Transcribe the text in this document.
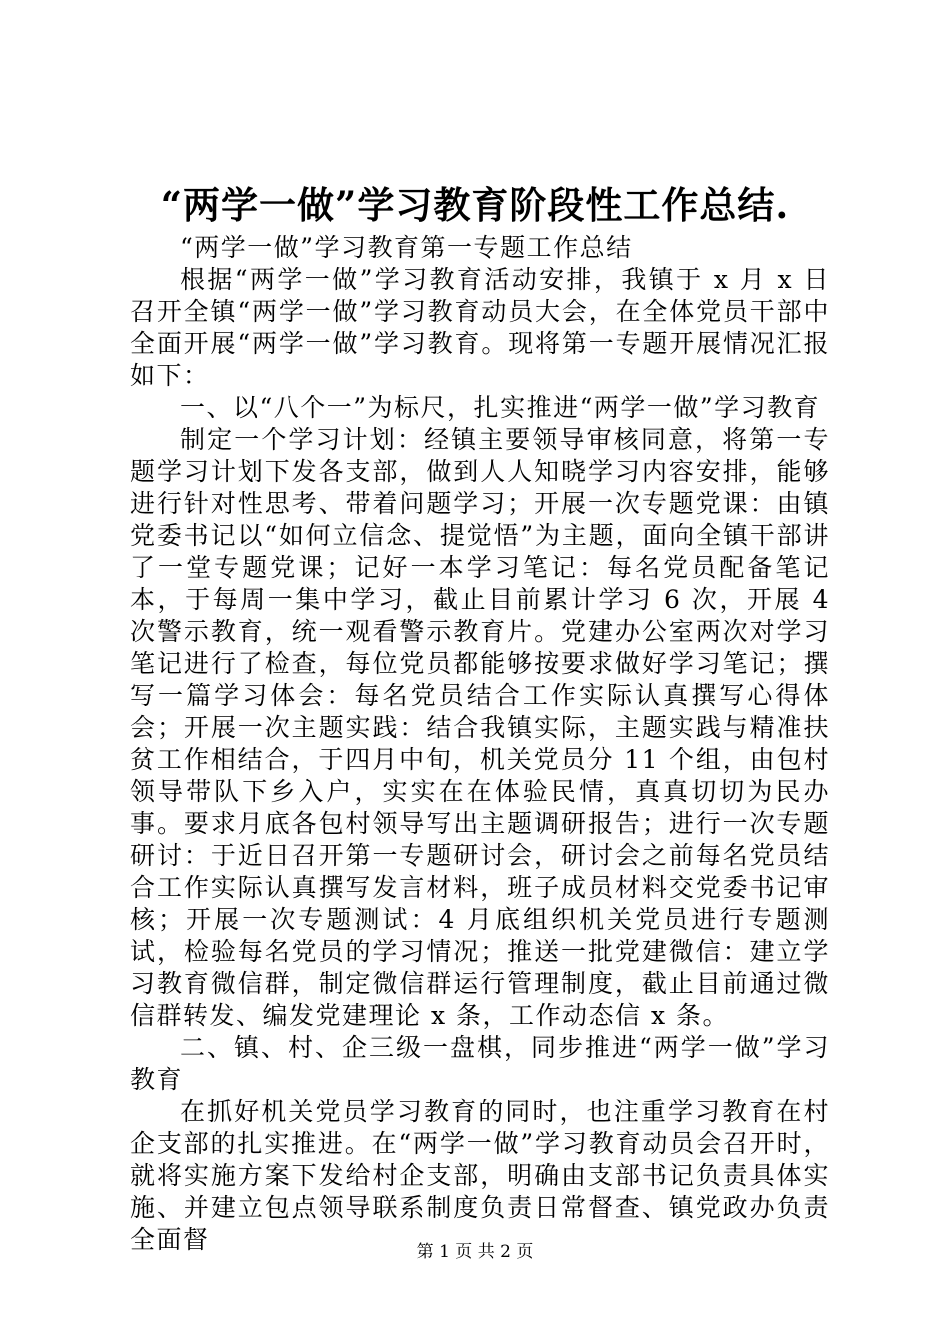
“两学一做”学习教育阶段性工作总结.

“两学一做”学习教育第一专题工作总结

根据“两学一做”学习教育活动安排，我镇于 x 月 x 日召开全镇“两学一做”学习教育动员大会，在全体党员干部中全面开展“两学一做”学习教育。现将第一专题开展情况汇报如下：

一、以“八个一”为标尺，扎实推进“两学一做”学习教育

制定一个学习计划：经镇主要领导审核同意，将第一专题学习计划下发各支部，做到人人知晓学习内容安排，能够进行针对性思考、带着问题学习；开展一次专题党课：由镇党委书记以“如何立信念、提觉悟”为主题，面向全镇干部讲了一堂专题党课；记好一本学习笔记：每名党员配备笔记本，于每周一集中学习，截止目前累计学习 6 次，开展 4 次警示教育，统一观看警示教育片。党建办公室两次对学习笔记进行了检查，每位党员都能够按要求做好学习笔记；撰写一篇学习体会：每名党员结合工作实际认真撰写心得体会；开展一次主题实践：结合我镇实际，主题实践与精准扶贫工作相结合，于四月中旬，机关党员分 11 个组，由包村领导带队下乡入户，实实在在体验民情，真真切切为民办事。要求月底各包村领导写出主题调研报告；进行一次专题研讨：于近日召开第一专题研讨会，研讨会之前每名党员结合工作实际认真撰写发言材料，班子成员材料交党委书记审核；开展一次专题测试：4 月底组织机关党员进行专题测试，检验每名党员的学习情况；推送一批党建微信：建立学习教育微信群，制定微信群运行管理制度，截止目前通过微信群转发、编发党建理论 x 条，工作动态信 x 条。

二、镇、村、企三级一盘棋，同步推进“两学一做”学习教育

在抓好机关党员学习教育的同时，也注重学习教育在村企支部的扎实推进。在“两学一做”学习教育动员会召开时，就将实施方案下发给村企支部，明确由支部书记负责具体实施、并建立包点领导联系制度负责日常督查、镇党政办负责全面督	第 1 页 共 2 页
